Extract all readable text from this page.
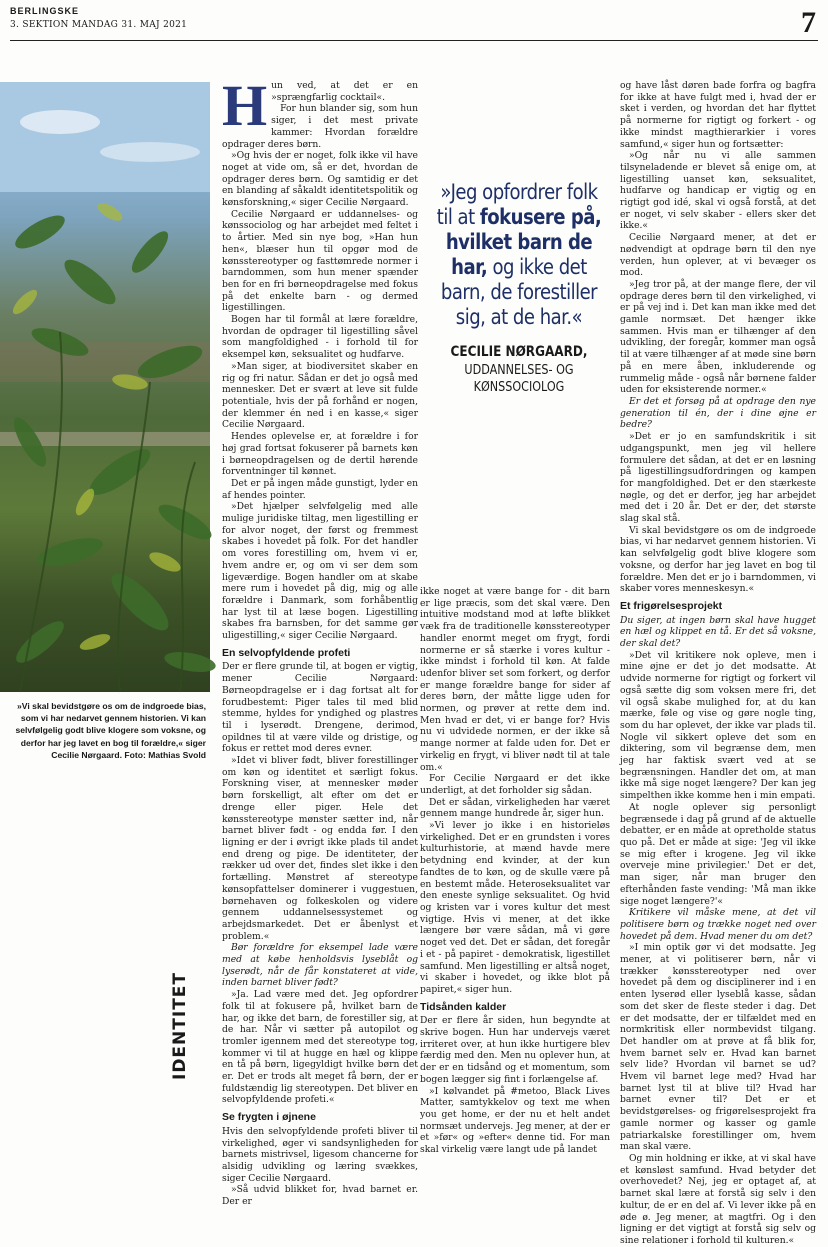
BERLINGSKE
3. SEKTION MANDAG 31. MAJ 2021	7
»Vi skal bevidstgøre os om de indgroede bias, som vi har nedarvet gennem historien. Vi kan selvfølgelig godt blive klogere som voksne, og derfor har jeg lavet en bog til forældre,« siger Cecilie Nørgaard. Foto: Mathias Svold
IDENTITET
H un ved, at det er en »sprængfarlig cocktail«.

For hun blander sig, som hun siger, i det mest private kammer: Hvordan forældre opdrager deres børn.

»Og hvis der er noget, folk ikke vil have noget at vide om, så er det, hvordan de opdrager deres børn. Og samtidig er det en blanding af såkaldt identitetspolitik og kønsforskning,« siger Cecilie Nørgaard.

Cecilie Nørgaard er uddannelses- og kønssociolog og har arbejdet med feltet i to årtier. Med sin nye bog, »Han hun hen«, blæser hun til opgør mod de kønsstereotyper og fasttømrede normer i barndommen, som hun mener spænder ben for en fri børneopdragelse med fokus på det enkelte barn - og dermed ligestillingen.

Bogen har til formål at lære forældre, hvordan de opdrager til ligestilling såvel som mangfoldighed - i forhold til for eksempel køn, seksualitet og hudfarve.

»Man siger, at biodiversitet skaber en rig og fri natur. Sådan er det jo også med mennesker. Det er svært at leve sit fulde potentiale, hvis der på forhånd er nogen, der klemmer én ned i en kasse,« siger Cecilie Nørgaard.

Hendes oplevelse er, at forældre i for høj grad fortsat fokuserer på barnets køn i børneopdragelsen og de dertil hørende forventninger til kønnet.

Det er på ingen måde gunstigt, lyder en af hendes pointer.

»Det hjælper selvfølgelig med alle mulige juridiske tiltag, men ligestilling er for alvor noget, der først og fremmest skabes i hovedet på folk. For det handler om vores forestilling om, hvem vi er, hvem andre er, og om vi ser dem som ligeværdige. Bogen handler om at skabe mere rum i hovedet på dig, mig og alle forældre i Danmark, som forhåbentlig har lyst til at læse bogen. Ligestilling skabes fra barnsben, for det samme gør uligestilling,« siger Cecilie Nørgaard.

En selvopfyldende profeti

Der er flere grunde til, at bogen er vigtig, mener Cecilie Nørgaard: Børneopdragelse er i dag fortsat alt for forudbestemt: Piger tales til med blid stemme, hyldes for yndighed og plastres til i lyserødt. Drengene, derimod, opildnes til at være vilde og dristige, og fokus er rettet mod deres evner.

»Idet vi bliver født, bliver forestillinger om køn og identitet et særligt fokus. Forskning viser, at mennesker møder børn forskelligt, alt efter om det er drenge eller piger. Hele det kønsstereotype mønster sætter ind, når barnet bliver født - og endda før. I den ligning er der i øvrigt ikke plads til andet end dreng og pige. De identiteter, der rækker ud over det, findes slet ikke i den fortælling. Mønstret af stereotype kønsopfattelser dominerer i vuggestuen, børnehaven og folkeskolen og videre gennem uddannelsessystemet og arbejdsmarkedet. Det er åbenlyst et problem.«

Bør forældre for eksempel lade være med at købe henholdsvis lyseblåt og lyserødt, når de får konstateret at vide, inden barnet bliver født?

»Ja. Lad være med det. Jeg opfordrer folk til at fokusere på, hvilket barn de har, og ikke det barn, de forestiller sig, at de har. Når vi sætter på autopilot og tromler igennem med det stereotype tog, kommer vi til at hugge en hæl og klippe en tå på børn, ligegyldigt hvilke børn det er. Det er trods alt meget få børn, der er fuldstændig lig stereotypen. Det bliver en selvopfyldende profeti.«

Se frygten i øjnene

Hvis den selvopfyldende profeti bliver til virkelighed, øger vi sandsynligheden for barnets mistrivsel, ligesom chancerne for alsidig udvikling og læring svækkes, siger Cecilie Nørgaard.

»Så udvid blikket for, hvad barnet er. Der er

»Jeg opfordrer folk til at fokusere på, hvilket barn de har, og ikke det barn, de forestiller sig, at de har.«
CECILIE NØRGAARD,
UDDANNELSES- OG KØNSSOCIOLOG

ikke noget at være bange for - dit barn er lige præcis, som det skal være. Den intuitive modstand mod at løfte blikket væk fra de traditionelle kønsstereotyper handler enormt meget om frygt, fordi normerne er så stærke i vores kultur - ikke mindst i forhold til køn. At falde udenfor bliver set som forkert, og derfor er mange forældre bange for sider af deres børn, der måtte ligge uden for normen, og prøver at rette dem ind. Men hvad er det, vi er bange for? Hvis nu vi udvidede normen, er der ikke så mange normer at falde uden for. Det er virkelig en frygt, vi bliver nødt til at tale om.«

For Cecilie Nørgaard er det ikke underligt, at det forholder sig sådan.

Det er sådan, virkeligheden har været gennem mange hundrede år, siger hun.

»Vi lever jo ikke i en historieløs virkelighed. Det er en grundsten i vores kulturhistorie, at mænd havde mere betydning end kvinder, at der kun fandtes de to køn, og de skulle være på en bestemt måde. Heteroseksualitet var den eneste synlige seksualitet. Og hvid og kristen var i vores kultur det mest vigtige. Hvis vi mener, at det ikke længere bør være sådan, må vi gøre noget ved det. Det er sådan, det foregår i et - på papiret - demokratisk, ligestillet samfund. Men ligestilling er altså noget, vi skaber i hovedet, og ikke blot på papiret,« siger hun.

Tidsånden kalder

Der er flere år siden, hun begyndte at skrive bogen. Hun har undervejs været irriteret over, at hun ikke hurtigere blev færdig med den. Men nu oplever hun, at der er en tidsånd og et momentum, som bogen lægger sig fint i forlængelse af.

»I kølvandet på #metoo, Black Lives Matter, samtykkelov og text me when you get home, er der nu et helt andet normsæt undervejs. Jeg mener, at der er et »før« og »efter« denne tid. For man skal virkelig være langt ude på landet

og have låst døren bade forfra og bagfra for ikke at have fulgt med i, hvad der er sket i verden, og hvordan det har flyttet på normerne for rigtigt og forkert - og ikke mindst magthierarkier i vores samfund,« siger hun og fortsætter:

»Og når nu vi alle sammen tilsyneladende er blevet så enige om, at ligestilling uanset køn, seksualitet, hudfarve og handicap er vigtig og en rigtigt god idé, skal vi også forstå, at det er noget, vi selv skaber - ellers sker det ikke.«

Cecilie Nørgaard mener, at det er nødvendigt at opdrage børn til den nye verden, hun oplever, at vi bevæger os mod.

»Jeg tror på, at der mange flere, der vil opdrage deres børn til den virkelighed, vi er på vej ind i. Det kan man ikke med det gamle normsæt. Det hænger ikke sammen. Hvis man er tilhænger af den udvikling, der foregår, kommer man også til at være tilhænger af at møde sine børn på en mere åben, inkluderende og rummelig måde - også når børnene falder uden for eksisterende normer.«

Er det et forsøg på at opdrage den nye generation til én, der i dine øjne er bedre?

»Det er jo en samfundskritik i sit udgangspunkt, men jeg vil hellere formulere det sådan, at det er en løsning på ligestillingsudfordringen og kampen for mangfoldighed. Det er den stærkeste nøgle, og det er derfor, jeg har arbejdet med det i 20 år. Det er der, det største slag skal stå.

Vi skal bevidstgøre os om de indgroede bias, vi har nedarvet gennem historien. Vi kan selvfølgelig godt blive klogere som voksne, og derfor har jeg lavet en bog til forældre. Men det er jo i barndommen, vi skaber vores menneskesyn.«

Et frigørelsesprojekt

Du siger, at ingen børn skal have hugget en hæl og klippet en tå. Er det så voksne, der skal det?

»Det vil kritikere nok opleve, men i mine øjne er det jo det modsatte. At udvide normerne for rigtigt og forkert vil også sætte dig som voksen mere fri, det vil også skabe mulighed for, at du kan mærke, føle og vise og gøre nogle ting, som du har oplevet, der ikke var plads til. Nogle vil sikkert opleve det som en diktering, som vil begrænse dem, men jeg har faktisk svært ved at se begrænsningen. Handler det om, at man ikke må sige noget længere? Der kan jeg simpelthen ikke komme hen i min empati.

At nogle oplever sig personligt begrænsede i dag på grund af de aktuelle debatter, er en måde at opretholde status quo på. Det er måde at sige: 'Jeg vil ikke se mig efter i krogene. Jeg vil ikke overveje mine privilegier.' Det er det, man siger, når man bruger den efterhånden faste vending: 'Må man ikke sige noget længere?'«

Kritikere vil måske mene, at det vil politisere børn og trække noget ned over hovedet på dem. Hvad mener du om det?

»I min optik gør vi det modsatte. Jeg mener, at vi politiserer børn, når vi trækker kønsstereotyper ned over hovedet på dem og disciplinerer ind i en enten lyserød eller lyseblå kasse, sådan som det sker de fleste steder i dag. Det er det modsatte, der er tilfældet med en normkritisk eller normbevidst tilgang. Det handler om at prøve at få blik for, hvem barnet selv er. Hvad kan barnet selv lide? Hvordan vil barnet se ud? Hvem vil barnet lege med? Hvad har barnet lyst til at blive til? Hvad har barnet evner til? Det er et bevidstgørelses- og frigørelsesprojekt fra gamle normer og kasser og gamle patriarkalske forestillinger om, hvem man skal være.

Og min holdning er ikke, at vi skal have et kønsløst samfund. Hvad betyder det overhovedet? Nej, jeg er optaget af, at barnet skal lære at forstå sig selv i den kultur, de er en del af. Vi lever ikke på en øde ø. Jeg mener, at magtfri. Og i den ligning er det vigtigt at forstå sig selv og sine relationer i forhold til kulturen.«
